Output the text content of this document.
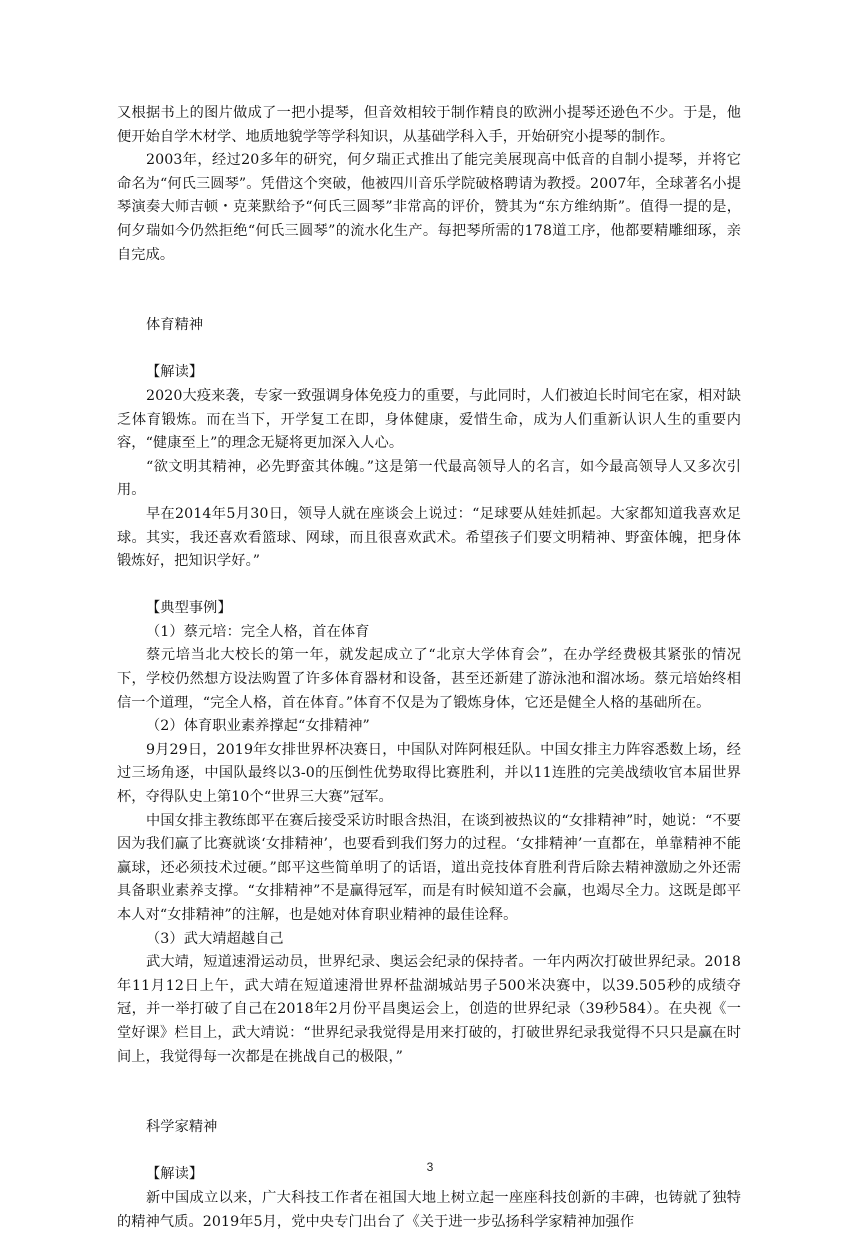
又根据书上的图片做成了一把小提琴，但音效相较于制作精良的欧洲小提琴还逊色不少。于是，他便开始自学木材学、地质地貌学等学科知识，从基础学科入手，开始研究小提琴的制作。

2003年，经过20多年的研究，何夕瑞正式推出了能完美展现高中低音的自制小提琴，并将它命名为“何氏三圆琴”。凭借这个突破，他被四川音乐学院破格聘请为教授。2007年，全球著名小提琴演奏大师吉顿・克莱默给予“何氏三圆琴”非常高的评价，赞其为“东方维纳斯”。值得一提的是，何夕瑞如今仍然拒绝“何氏三圆琴”的流水化生产。每把琴所需的178道工序，他都要精雕细琢，亲自完成。

体育精神

【解读】

2020大疫来袭，专家一致强调身体免疫力的重要，与此同时，人们被迫长时间宅在家，相对缺乏体育锻炼。而在当下，开学复工在即，身体健康，爱惜生命，成为人们重新认识人生的重要内容，“健康至上”的理念无疑将更加深入人心。

“欲文明其精神，必先野蛮其体魄。”这是第一代最高领导人的名言，如今最高领导人又多次引用。

早在2014年5月30日，领导人就在座谈会上说过：“足球要从娃娃抓起。大家都知道我喜欢足球。其实，我还喜欢看篮球、网球，而且很喜欢武术。希望孩子们要文明精神、野蛮体魄，把身体锻炼好，把知识学好。”

【典型事例】

（1）蔡元培：完全人格，首在体育

蔡元培当北大校长的第一年，就发起成立了“北京大学体育会”，在办学经费极其紧张的情况下，学校仍然想方设法购置了许多体育器材和设备，甚至还新建了游泳池和溜冰场。蔡元培始终相信一个道理，“完全人格，首在体育。”体育不仅是为了锻炼身体，它还是健全人格的基础所在。

（2）体育职业素养撑起“女排精神”

9月29日，2019年女排世界杯决赛日，中国队对阵阿根廷队。中国女排主力阵容悉数上场，经过三场角逐，中国队最终以3-0的压倒性优势取得比赛胜利，并以11连胜的完美战绩收官本届世界杯，夺得队史上第10个“世界三大赛”冠军。

中国女排主教练郎平在赛后接受采访时眼含热泪，在谈到被热议的“女排精神”时，她说：“不要因为我们赢了比赛就谈‘女排精神’，也要看到我们努力的过程。‘女排精神’一直都在，单靠精神不能赢球，还必须技术过硬。”郎平这些简单明了的话语，道出竞技体育胜利背后除去精神激励之外还需具备职业素养支撑。“女排精神”不是赢得冠军，而是有时候知道不会赢，也竭尽全力。这既是郎平本人对“女排精神”的注解，也是她对体育职业精神的最佳诠释。

（3）武大靖超越自己

武大靖，短道速滑运动员，世界纪录、奥运会纪录的保持者。一年内两次打破世界纪录。2018年11月12日上午，武大靖在短道速滑世界杯盐湖城站男子500米决赛中，以39.505秒的成绩夺冠，并一举打破了自己在2018年2月份平昌奥运会上，创造的世界纪录（39秒584）。在央视《一堂好课》栏目上，武大靖说：“世界纪录我觉得是用来打破的，打破世界纪录我觉得不只只是赢在时间上，我觉得每一次都是在挑战自己的极限，”

科学家精神

【解读】

新中国成立以来，广大科技工作者在祖国大地上树立起一座座科技创新的丰碑，也铸就了独特的精神气质。2019年5月，党中央专门出台了《关于进一步弘扬科学家精神加强作

3
